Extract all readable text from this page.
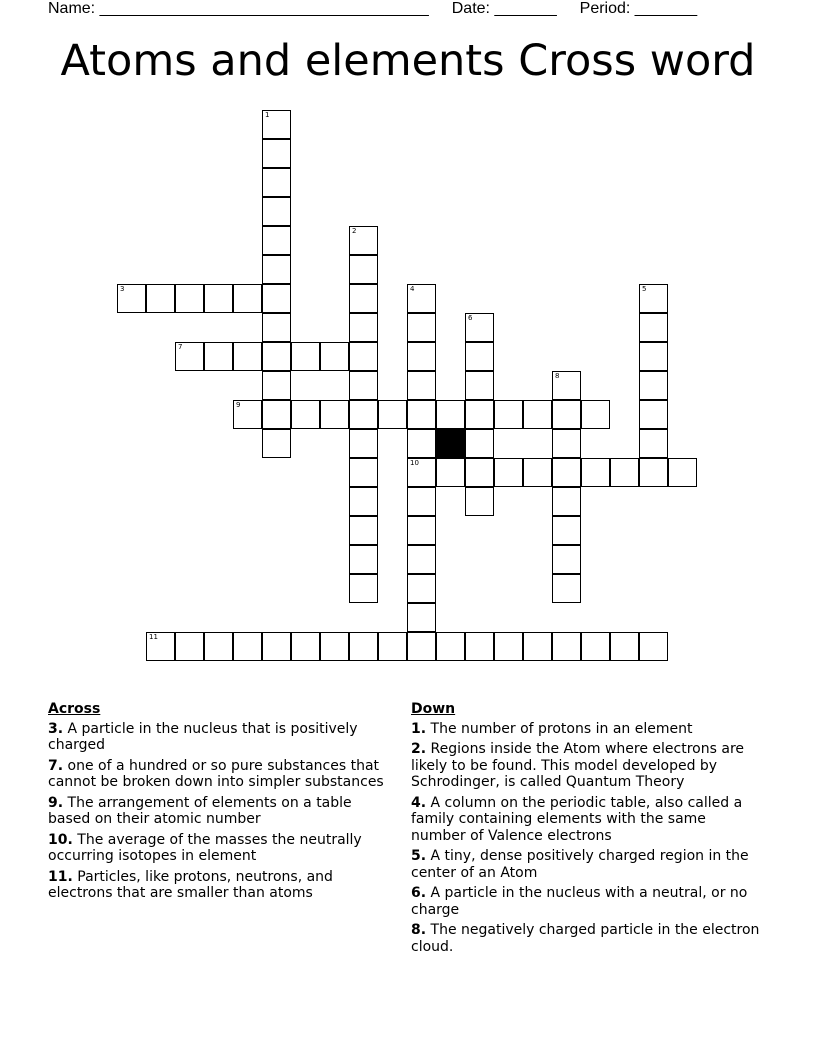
Name: _____________________________________ Date: _______ Period: _______
Atoms and elements Cross word
1
2
3	4
10
5
6
7
8
9
11
Across
3. A particle in the nucleus that is positively charged
7. one of a hundred or so pure substances that cannot be broken down into simpler substances
9. The arrangement of elements on a table based on their atomic number
10. The average of the masses the neutrally occurring isotopes in element
11. Particles, like protons, neutrons, and electrons that are smaller than atoms
Down
1. The number of protons in an element
2. Regions inside the Atom where electrons are likely to be found. This model developed by Schrodinger, is called Quantum Theory
4. A column on the periodic table, also called a family containing elements with the same number of Valence electrons
5. A tiny, dense positively charged region in the center of an Atom
6. A particle in the nucleus with a neutral, or no charge
8. The negatively charged particle in the electron cloud.
